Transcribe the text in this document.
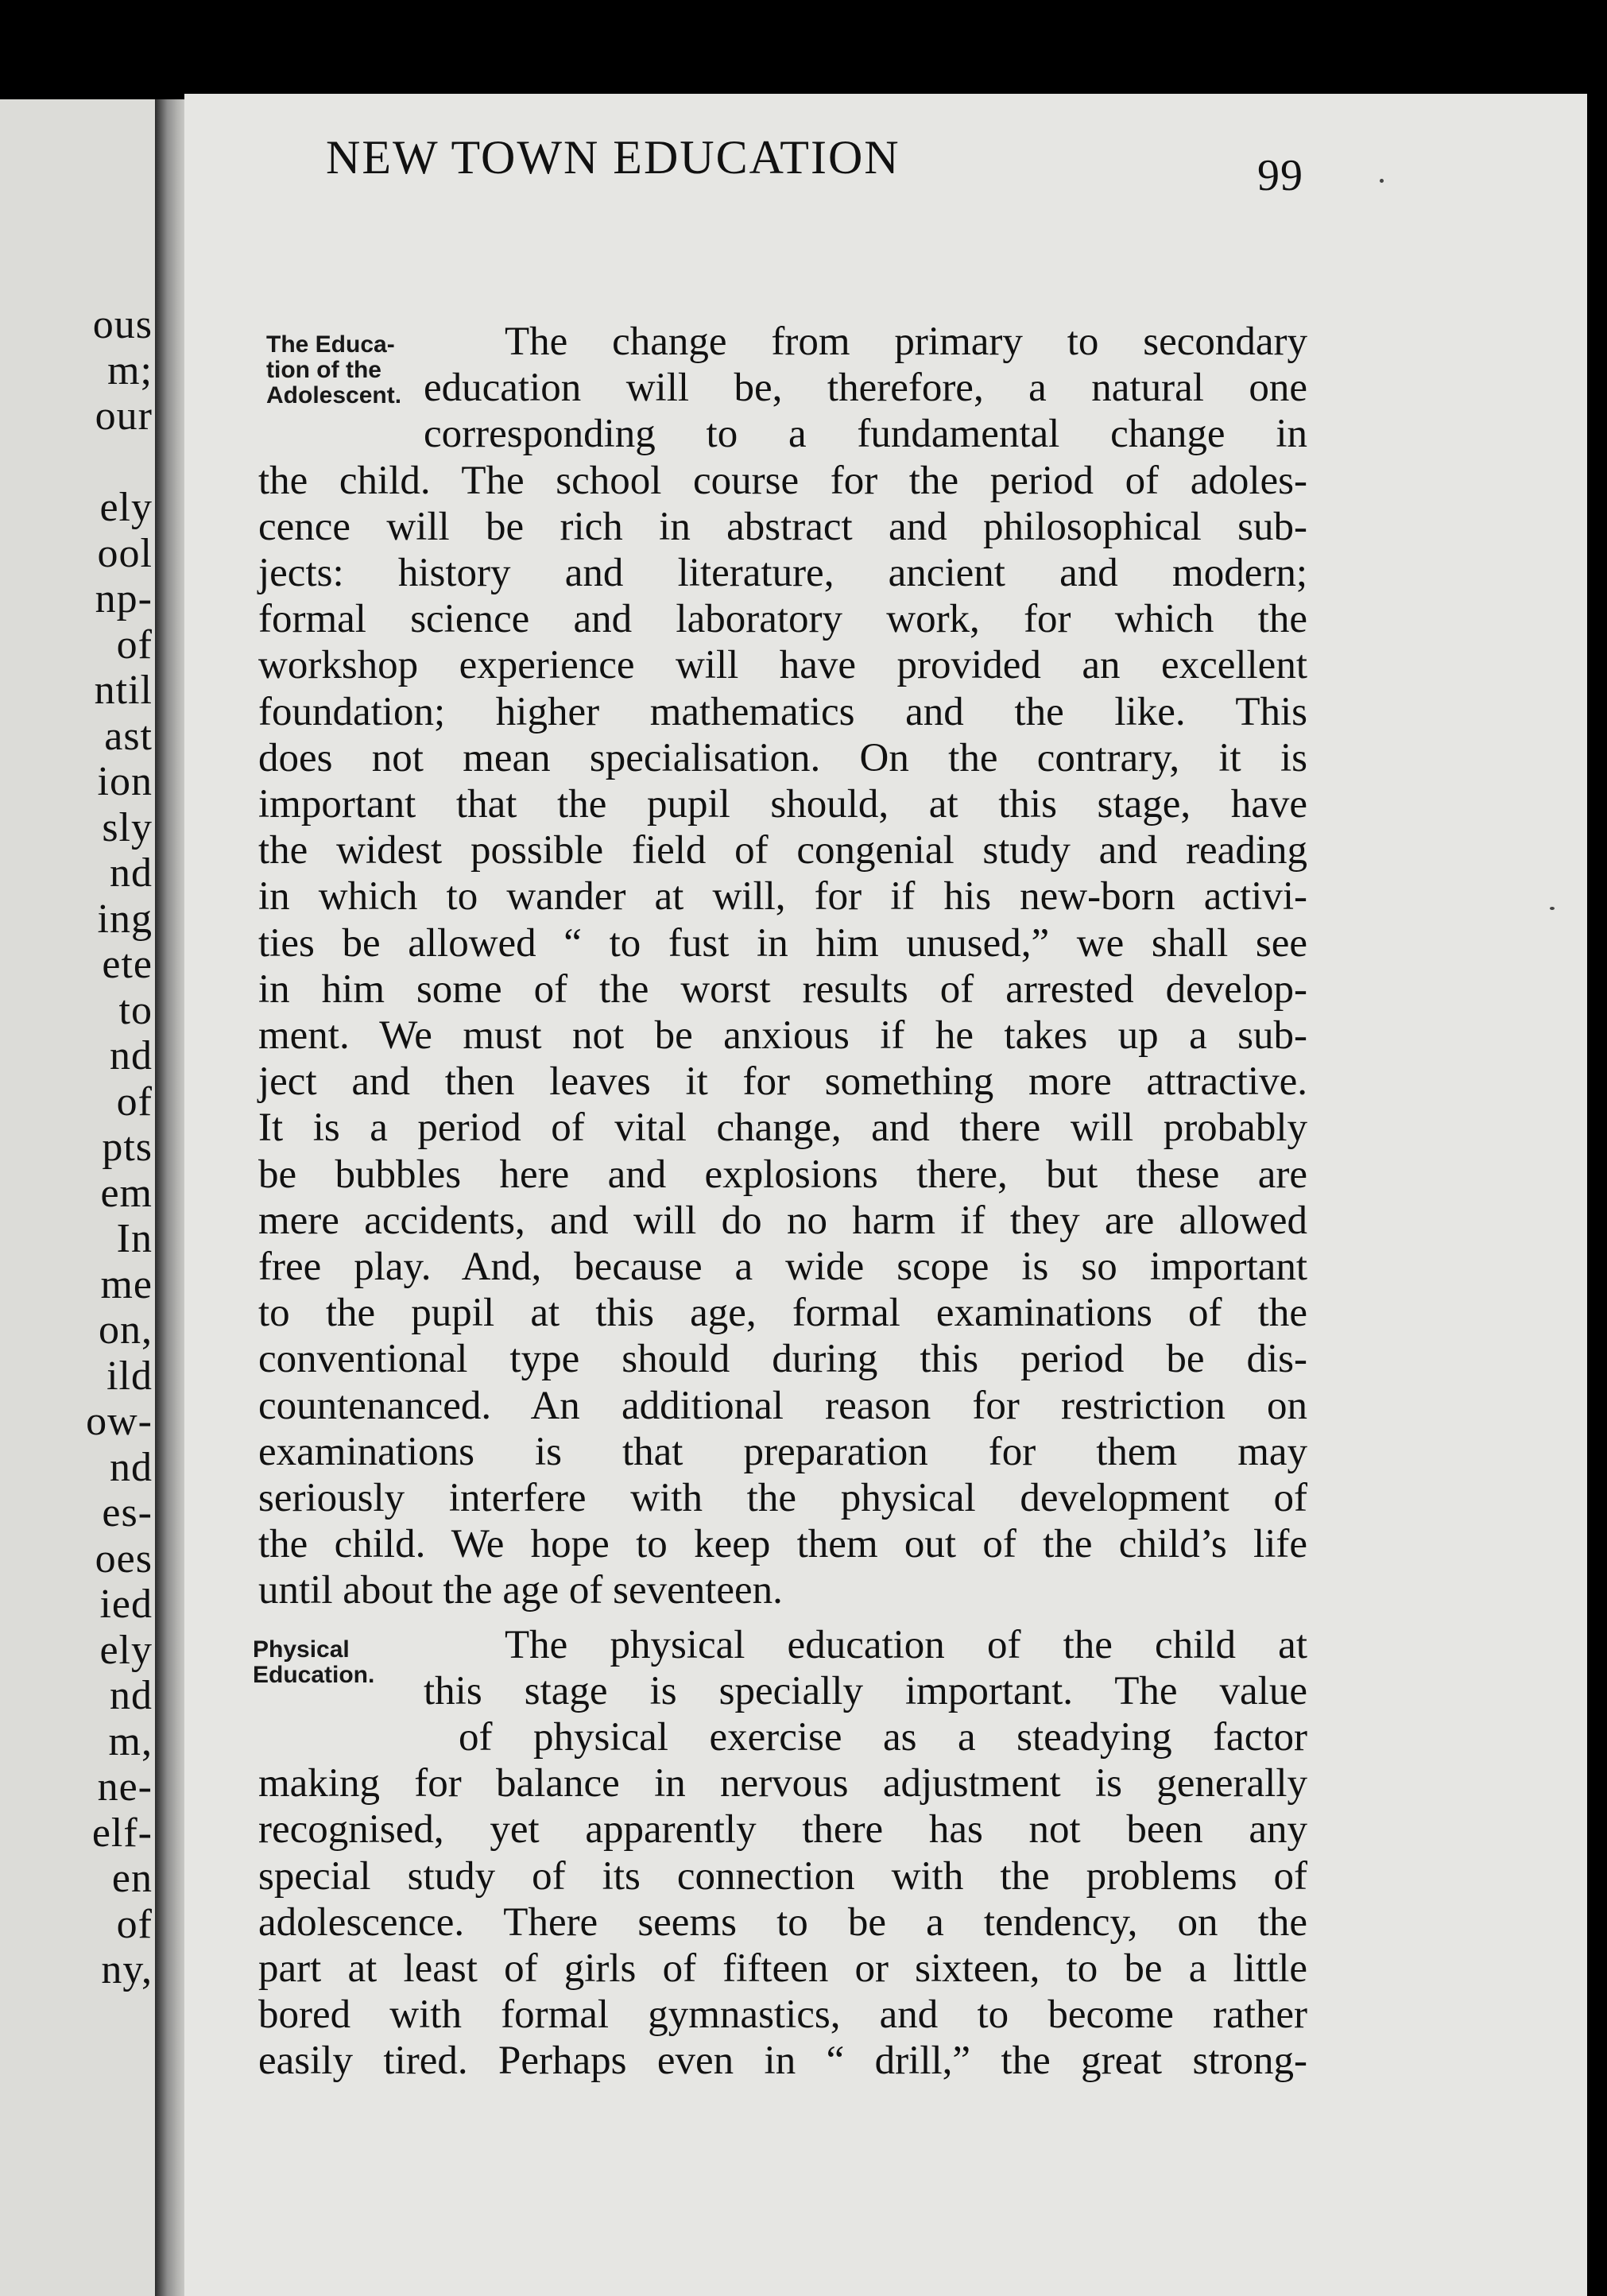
ous
m;
our
ely
ool
np-
of
ntil
ast
ion
sly
nd
ing
ete
to
nd
of
pts
em
In
me
on,
ild
ow-
nd
es-
oes
ied
ely
nd
m,
ne-
elf-
en
of
ny,
NEW TOWN EDUCATION	99
The Educa-
tion of the
Adolescent.
Physical
Education.
The change from primary to secondary
education will be, therefore, a natural one
corresponding to a fundamental change in
the child. The school course for the period of adoles-
cence will be rich in abstract and philosophical sub-
jects: history and literature, ancient and modern;
formal science and laboratory work, for which the
workshop experience will have provided an excellent
foundation; higher mathematics and the like. This
does not mean specialisation. On the contrary, it is
important that the pupil should, at this stage, have
the widest possible field of congenial study and reading
in which to wander at will, for if his new-born activi-
ties be allowed “ to fust in him unused,” we shall see
in him some of the worst results of arrested develop-
ment. We must not be anxious if he takes up a sub-
ject and then leaves it for something more attractive.
It is a period of vital change, and there will probably
be bubbles here and explosions there, but these are
mere accidents, and will do no harm if they are allowed
free play. And, because a wide scope is so important
to the pupil at this age, formal examinations of the
conventional type should during this period be dis-
countenanced. An additional reason for restriction on
examinations is that preparation for them may
seriously interfere with the physical development of
the child. We hope to keep them out of the child’s life
until about the age of seventeen.
The physical education of the child at
this stage is specially important. The value
of physical exercise as a steadying factor
making for balance in nervous adjustment is generally
recognised, yet apparently there has not been any
special study of its connection with the problems of
adolescence. There seems to be a tendency, on the
part at least of girls of fifteen or sixteen, to be a little
bored with formal gymnastics, and to become rather
easily tired. Perhaps even in “ drill,” the great strong-
